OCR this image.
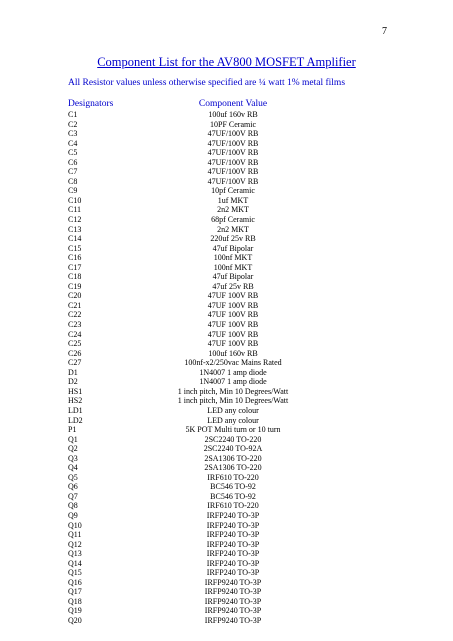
7
Component List for the AV800 MOSFET Amplifier

All Resistor values unless otherwise specified are ¼ watt 1% metal films

Designators	Component Value
C1	100uf 160v RB
C2	10PF Ceramic
C3	47UF/100V RB
C4	47UF/100V RB
C5	47UF/100V RB
C6	47UF/100V RB
C7	47UF/100V RB
C8	47UF/100V RB
C9	10pf Ceramic
C10	1uf MKT
C11	2n2 MKT
C12	68pf Ceramic
C13	2n2 MKT
C14	220uf 25v RB
C15	47uf Bipolar
C16	100nf MKT
C17	100nf MKT
C18	47uf Bipolar
C19	47uf 25v RB
C20	47UF 100V RB
C21	47UF 100V RB
C22	47UF 100V RB
C23	47UF 100V RB
C24	47UF 100V RB
C25	47UF 100V RB
C26	100uf 160v RB
C27	100nf-x2/250vac Mains Rated
D1	1N4007 1 amp diode
D2	1N4007 1 amp diode
HS1	1 inch pitch, Min 10 Degrees/Watt
HS2	1 inch pitch, Min 10 Degrees/Watt
LD1	LED any colour
LD2	LED any colour
P1	5K POT Multi turn or 10 turn
Q1	2SC2240 TO-220
Q2	2SC2240 TO-92A
Q3	2SA1306 TO-220
Q4	2SA1306 TO-220
Q5	IRF610 TO-220
Q6	BC546 TO-92
Q7	BC546 TO-92
Q8	IRF610 TO-220
Q9	IRFP240 TO-3P
Q10	IRFP240 TO-3P
Q11	IRFP240 TO-3P
Q12	IRFP240 TO-3P
Q13	IRFP240 TO-3P
Q14	IRFP240 TO-3P
Q15	IRFP240 TO-3P
Q16	IRFP9240 TO-3P
Q17	IRFP9240 TO-3P
Q18	IRFP9240 TO-3P
Q19	IRFP9240 TO-3P
Q20	IRFP9240 TO-3P
